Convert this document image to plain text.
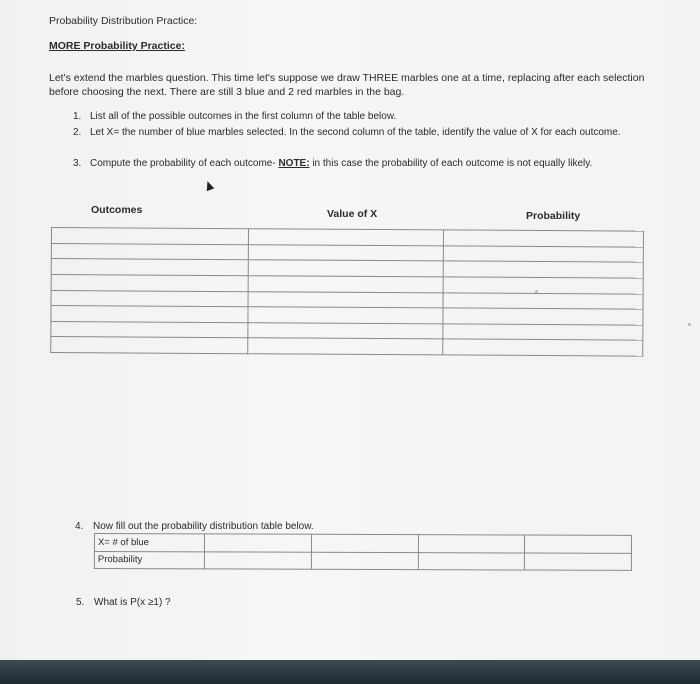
Probability Distribution Practice:
MORE Probability Practice:
Let's extend the marbles question. This time let's suppose we draw THREE marbles one at a time, replacing after each selection before choosing the next. There are still 3 blue and 2 red marbles in the bag.
1. List all of the possible outcomes in the first column of the table below.
2. Let X= the number of blue marbles selected. In the second column of the table, identify the value of X for each outcome.
3. Compute the probability of each outcome- NOTE: in this case the probability of each outcome is not equally likely.
Outcomes	Value of X	Probability

4. Now fill out the probability distribution table below.
X= # of blue				
Probability				
5. What is P(x ≥1) ?
